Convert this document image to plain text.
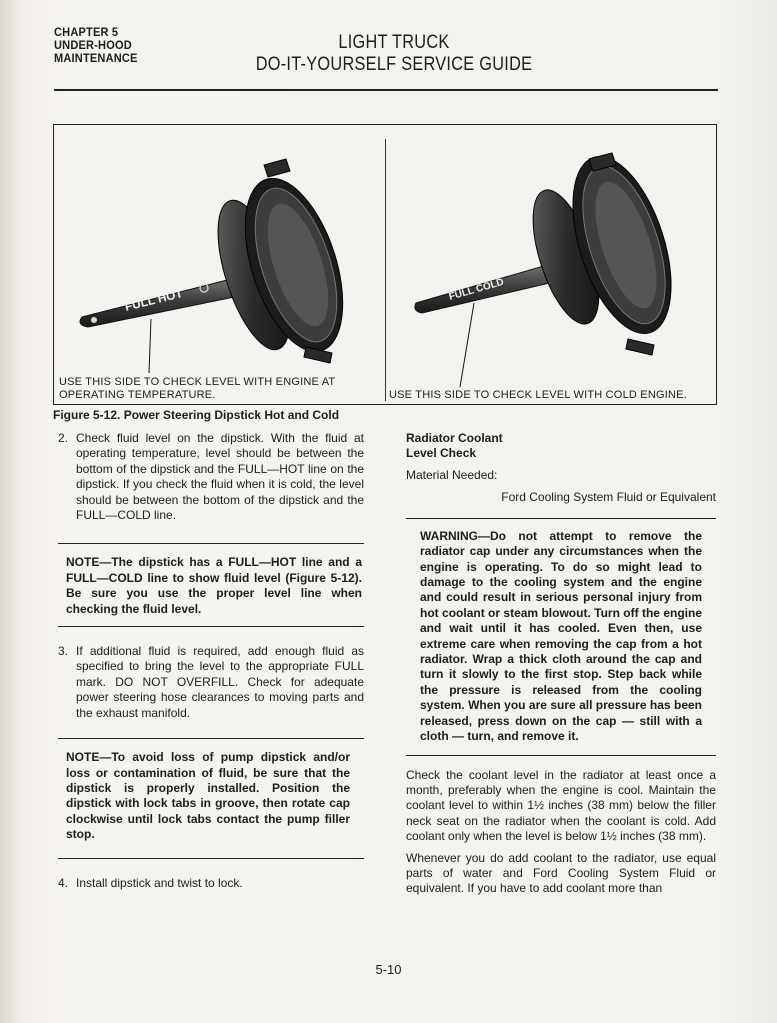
CHAPTER 5
UNDER-HOOD
MAINTENANCE
LIGHT TRUCK
DO-IT-YOURSELF SERVICE GUIDE
FULL HOT	FULL COLD
USE THIS SIDE TO CHECK LEVEL WITH ENGINE AT OPERATING TEMPERATURE.	USE THIS SIDE TO CHECK LEVEL WITH COLD ENGINE.
Figure 5-12. Power Steering Dipstick Hot and Cold
2. Check fluid level on the dipstick. With the fluid at operating temperature, level should be between the bottom of the dipstick and the FULL—HOT line on the dipstick. If you check the fluid when it is cold, the level should be between the bottom of the dipstick and the FULL—COLD line.
NOTE—The dipstick has a FULL—HOT line and a FULL—COLD line to show fluid level (Figure 5-12). Be sure you use the proper level line when checking the fluid level.
3. If additional fluid is required, add enough fluid as specified to bring the level to the appropriate FULL mark. DO NOT OVERFILL. Check for adequate power steering hose clearances to moving parts and the exhaust manifold.
NOTE—To avoid loss of pump dipstick and/or loss or contamination of fluid, be sure that the dipstick is properly installed. Position the dipstick with lock tabs in groove, then rotate cap clockwise until lock tabs contact the pump filler stop.
4. Install dipstick and twist to lock.
Radiator Coolant
Level Check
Material Needed:
Ford Cooling System Fluid or Equivalent
WARNING—Do not attempt to remove the radiator cap under any circumstances when the engine is operating. To do so might lead to damage to the cooling system and the engine and could result in serious personal injury from hot coolant or steam blowout. Turn off the engine and wait until it has cooled. Even then, use extreme care when removing the cap from a hot radiator. Wrap a thick cloth around the cap and turn it slowly to the first stop. Step back while the pressure is released from the cooling system. When you are sure all pressure has been released, press down on the cap — still with a cloth — turn, and remove it.
Check the coolant level in the radiator at least once a month, preferably when the engine is cool. Maintain the coolant level to within 1½ inches (38 mm) below the filler neck seat on the radiator when the coolant is cold. Add coolant only when the level is below 1½ inches (38 mm).
Whenever you do add coolant to the radiator, use equal parts of water and Ford Cooling System Fluid or equivalent. If you have to add coolant more than
5-10
